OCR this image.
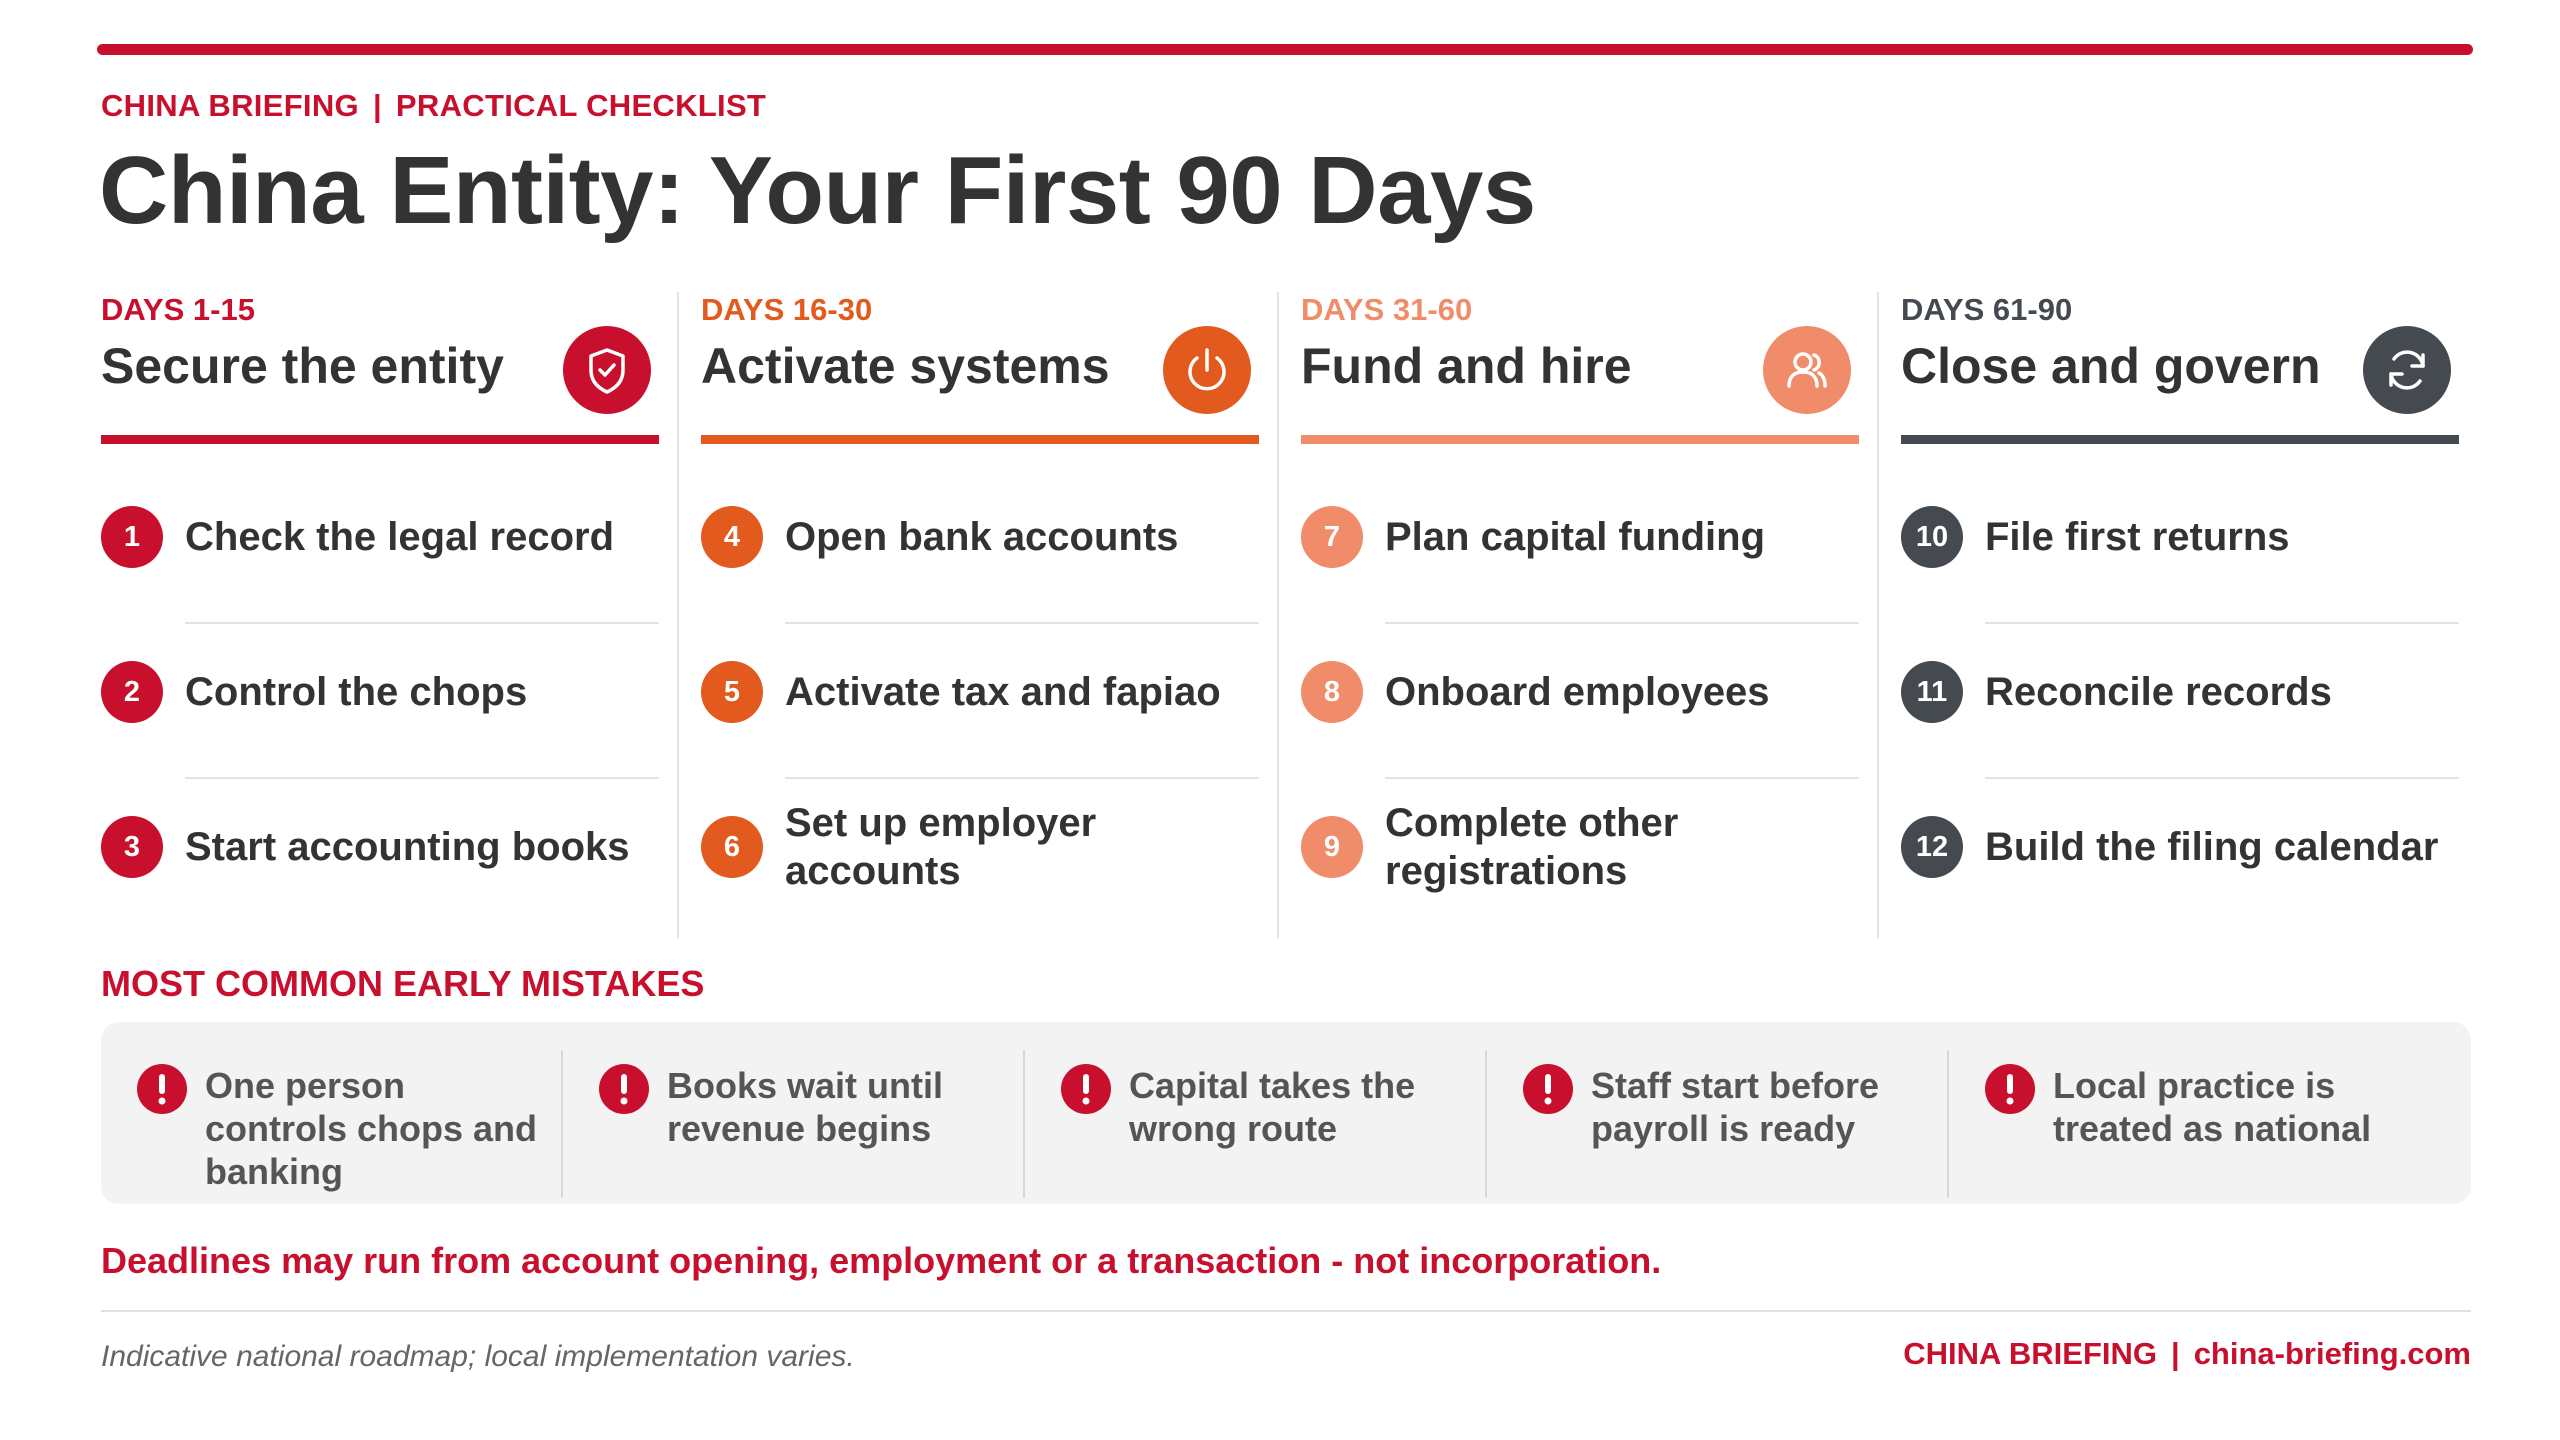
CHINA BRIEFING | PRACTICAL CHECKLIST
China Entity: Your First 90 Days
DAYS 1-15
Secure the entity
1	Check the legal record
2	Control the chops
3	Start accounting books
DAYS 16-30
Activate systems
4	Open bank accounts
5	Activate tax and fapiao
6
Set up employer accounts
DAYS 31-60
Fund and hire
7	Plan capital funding
8	Onboard employees
9
Complete other registrations
DAYS 61-90
Close and govern
10 File first returns
11 Reconcile records
12 Build the filing calendar
MOST COMMON EARLY MISTAKES
One person controls chops and banking
Books wait until revenue begins
Capital takes the wrong route
Staff start before payroll is ready
Local practice is treated as national
Deadlines may run from account opening, employment or a transaction - not incorporation.
Indicative national roadmap; local implementation varies.	CHINA BRIEFING | china-briefing.com
